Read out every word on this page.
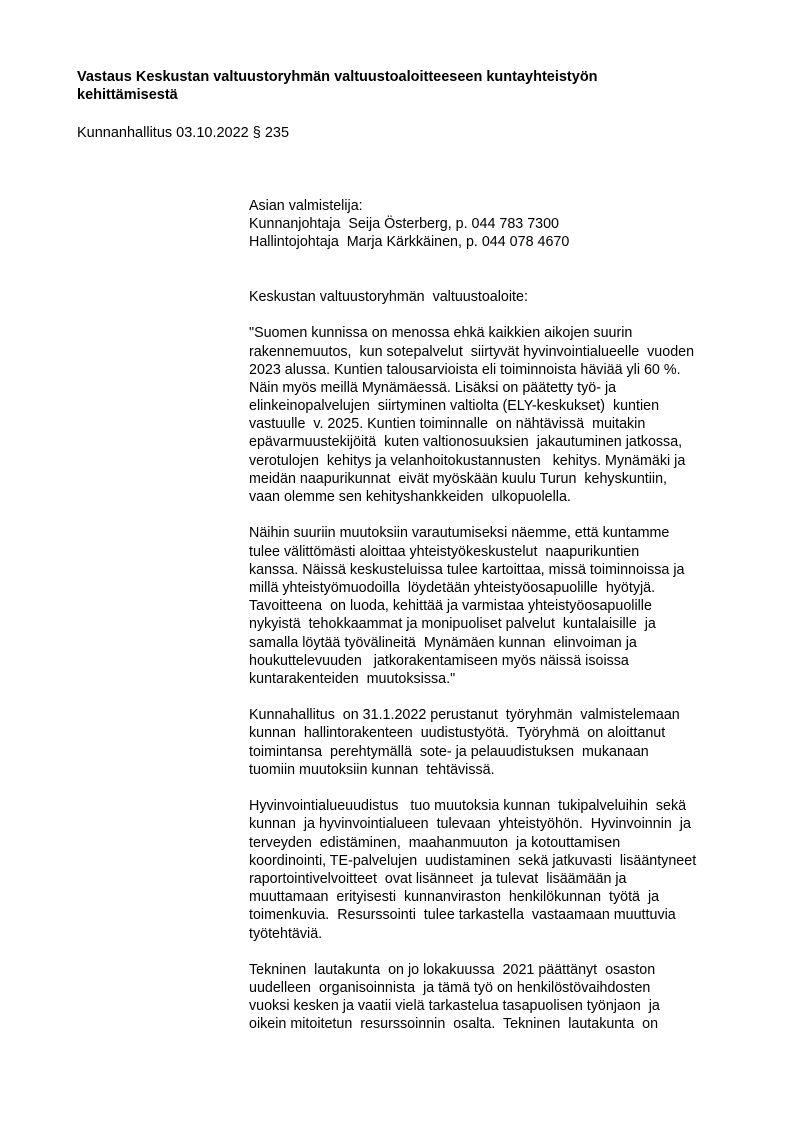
Vastaus Keskustan valtuustoryhmän valtuustoaloitteeseen kuntayhteistyön
kehittämisestä
Kunnanhallitus 03.10.2022 § 235
Asian valmistelija:
Kunnanjohtaja  Seija Österberg, p. 044 783 7300
Hallintojohtaja  Marja Kärkkäinen, p. 044 078 4670
Keskustan valtuustoryhmän  valtuustoaloite:
"Suomen kunnissa on menossa ehkä kaikkien aikojen suurin
rakennemuutos,  kun sotepalvelut  siirtyvät hyvinvointialueelle  vuoden
2023 alussa. Kuntien talousarvioista eli toiminnoista häviää yli 60 %.
Näin myös meillä Mynämäessä. Lisäksi on päätetty työ- ja
elinkeinopalvelujen  siirtyminen valtiolta (ELY-keskukset)  kuntien
vastuulle  v. 2025. Kuntien toiminnalle  on nähtävissä  muitakin
epävarmuustekijöitä  kuten valtionosuuksien  jakautuminen jatkossa,
verotulojen  kehitys ja velanhoitokustannusten   kehitys. Mynämäki ja
meidän naapurikunnat  eivät myöskään kuulu Turun  kehyskuntiin,
vaan olemme sen kehityshankkeiden  ulkopuolella.
Näihin suuriin muutoksiin varautumiseksi näemme, että kuntamme
tulee välittömästi aloittaa yhteistyökeskustelut  naapurikuntien
kanssa. Näissä keskusteluissa tulee kartoittaa, missä toiminnoissa ja
millä yhteistyömuodoilla  löydetään yhteistyöosapuolille  hyötyjä.
Tavoitteena  on luoda, kehittää ja varmistaa yhteistyöosapuolille
nykyistä  tehokkaammat ja monipuoliset palvelut  kuntalaisille  ja
samalla löytää työvälineitä  Mynämäen kunnan  elinvoiman ja
houkuttelevuuden   jatkorakentamiseen myös näissä isoissa
kuntarakenteiden  muutoksissa."
Kunnahallitus  on 31.1.2022 perustanut  työryhmän  valmistelemaan
kunnan  hallintorakenteen  uudistustyötä.  Työryhmä  on aloittanut
toimintansa  perehtymällä  sote- ja pelauudistuksen  mukanaan
tuomiin muutoksiin kunnan  tehtävissä.
Hyvinvointialueuudistus   tuo muutoksia kunnan  tukipalveluihin  sekä
kunnan  ja hyvinvointialueen  tulevaan  yhteistyöhön.  Hyvinvoinnin  ja
terveyden  edistäminen,  maahanmuuton  ja kotouttamisen
koordinointi, TE-palvelujen  uudistaminen  sekä jatkuvasti  lisääntyneet
raportointivelvoitteet  ovat lisänneet  ja tulevat  lisäämään ja
muuttamaan  erityisesti  kunnanviraston  henkilökunnan  työtä  ja
toimenkuvia.  Resurssointi  tulee tarkastella  vastaamaan muuttuvia
työtehtäviä.
Tekninen  lautakunta  on jo lokakuussa  2021 päättänyt  osaston
uudelleen  organisoinnista  ja tämä työ on henkilöstövaihdosten
vuoksi kesken ja vaatii vielä tarkastelua tasapuolisen työnjaon  ja
oikein mitoitetun  resurssoinnin  osalta.  Tekninen  lautakunta  on
